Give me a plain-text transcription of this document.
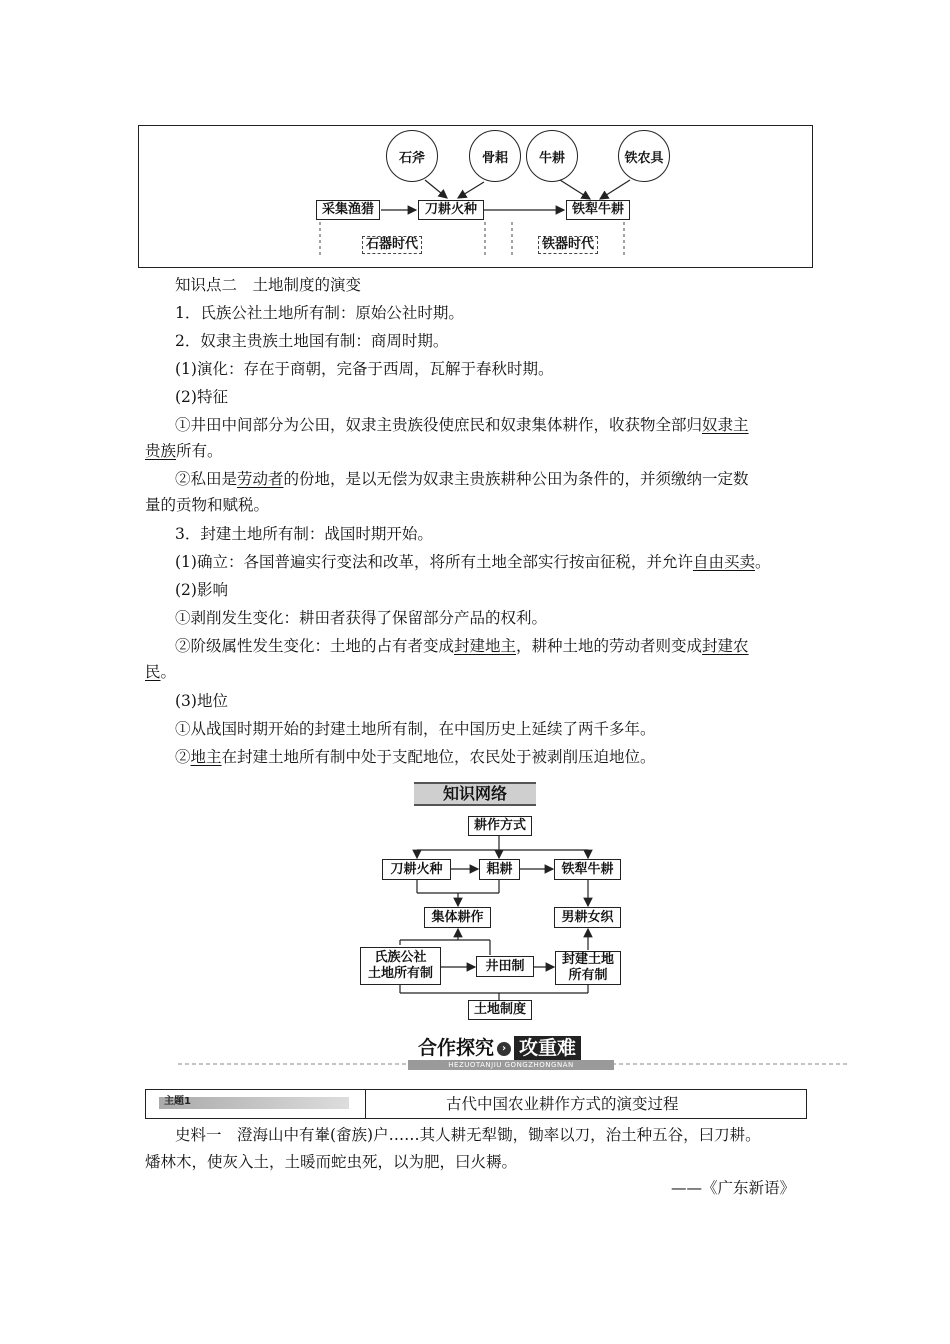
石斧	骨耜 牛耕	铁农具
采集渔猎	刀耕火种	铁犁牛耕
石器时代	铁器时代
知识点二　土地制度的演变
1．氏族公社土地所有制：原始公社时期。
2．奴隶主贵族土地国有制：商周时期。
(1)演化：存在于商朝，完备于西周，瓦解于春秋时期。
(2)特征
①井田中间部分为公田，奴隶主贵族役使庶民和奴隶集体耕作，收获物全部归奴隶主
贵族所有。
②私田是劳动者的份地，是以无偿为奴隶主贵族耕种公田为条件的，并须缴纳一定数
量的贡物和赋税。
3．封建土地所有制：战国时期开始。
(1)确立：各国普遍实行变法和改革，将所有土地全部实行按亩征税，并允许自由买卖。
(2)影响
①剥削发生变化：耕田者获得了保留部分产品的权利。
②阶级属性发生变化：土地的占有者变成封建地主，耕种土地的劳动者则变成封建农
民。
(3)地位
①从战国时期开始的封建土地所有制，在中国历史上延续了两千多年。
②地主在封建土地所有制中处于支配地位，农民处于被剥削压迫地位。
知识网络
耕作方式
刀耕火种	耜耕	铁犁牛耕
集体耕作	男耕女织
氏族公社
土地所有制	井田制	封建土地
所有制
土地制度
合作探究 › 攻重难
HEZUOTANJIU GONGZHONGNAN
主题1	古代中国农业耕作方式的演变过程
史料一　澄海山中有輋(畲族)户……其人耕无犁锄，锄率以刀，治土种五谷，曰刀耕。
燔林木，使灰入土，土暖而蛇虫死，以为肥，曰火耨。
——《广东新语》
